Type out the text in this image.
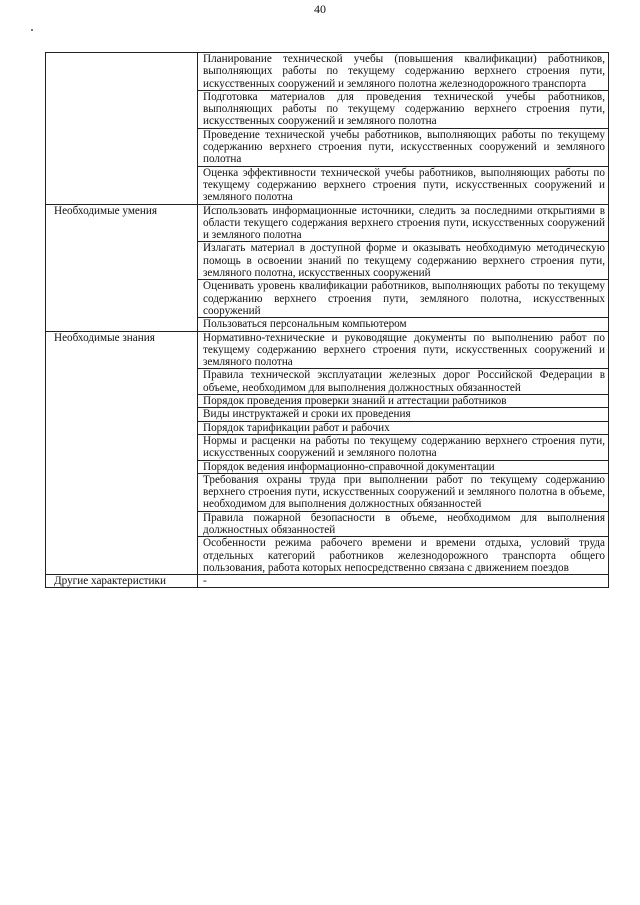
40
	Планирование технической учебы (повышения квалификации) работников, выполняющих работы по текущему содержанию верхнего строения пути, искусственных сооружений и земляного полотна железнодорожного транспорта
	Подготовка материалов для проведения технической учебы работников, выполняющих работы по текущему содержанию верхнего строения пути, искусственных сооружений и земляного полотна
	Проведение технической учебы работников, выполняющих работы по текущему содержанию верхнего строения пути, искусственных сооружений и земляного полотна
	Оценка эффективности технической учебы работников, выполняющих работы по текущему содержанию верхнего строения пути, искусственных сооружений и земляного полотна
Необходимые умения	Использовать информационные источники, следить за последними открытиями в области текущего содержания верхнего строения пути, искусственных сооружений и земляного полотна
	Излагать материал в доступной форме и оказывать необходимую методическую помощь в освоении знаний по текущему содержанию верхнего строения пути, земляного полотна, искусственных сооружений
	Оценивать уровень квалификации работников, выполняющих работы по текущему содержанию верхнего строения пути, земляного полотна, искусственных сооружений
	Пользоваться персональным компьютером
Необходимые знания	Нормативно-технические и руководящие документы по выполнению работ по текущему содержанию верхнего строения пути, искусственных сооружений и земляного полотна
	Правила технической эксплуатации железных дорог Российской Федерации в объеме, необходимом для выполнения должностных обязанностей
	Порядок проведения проверки знаний и аттестации работников
	Виды инструктажей и сроки их проведения
	Порядок тарификации работ и рабочих
	Нормы и расценки на работы по текущему содержанию верхнего строения пути, искусственных сооружений и земляного полотна
	Порядок ведения информационно-справочной документации
	Требования охраны труда при выполнении работ по текущему содержанию верхнего строения пути, искусственных сооружений и земляного полотна в объеме, необходимом для выполнения должностных обязанностей
	Правила пожарной безопасности в объеме, необходимом для выполнения должностных обязанностей
	Особенности режима рабочего времени и времени отдыха, условий труда отдельных категорий работников железнодорожного транспорта общего пользования, работа которых непосредственно связана с движением поездов
Другие характеристики	-
